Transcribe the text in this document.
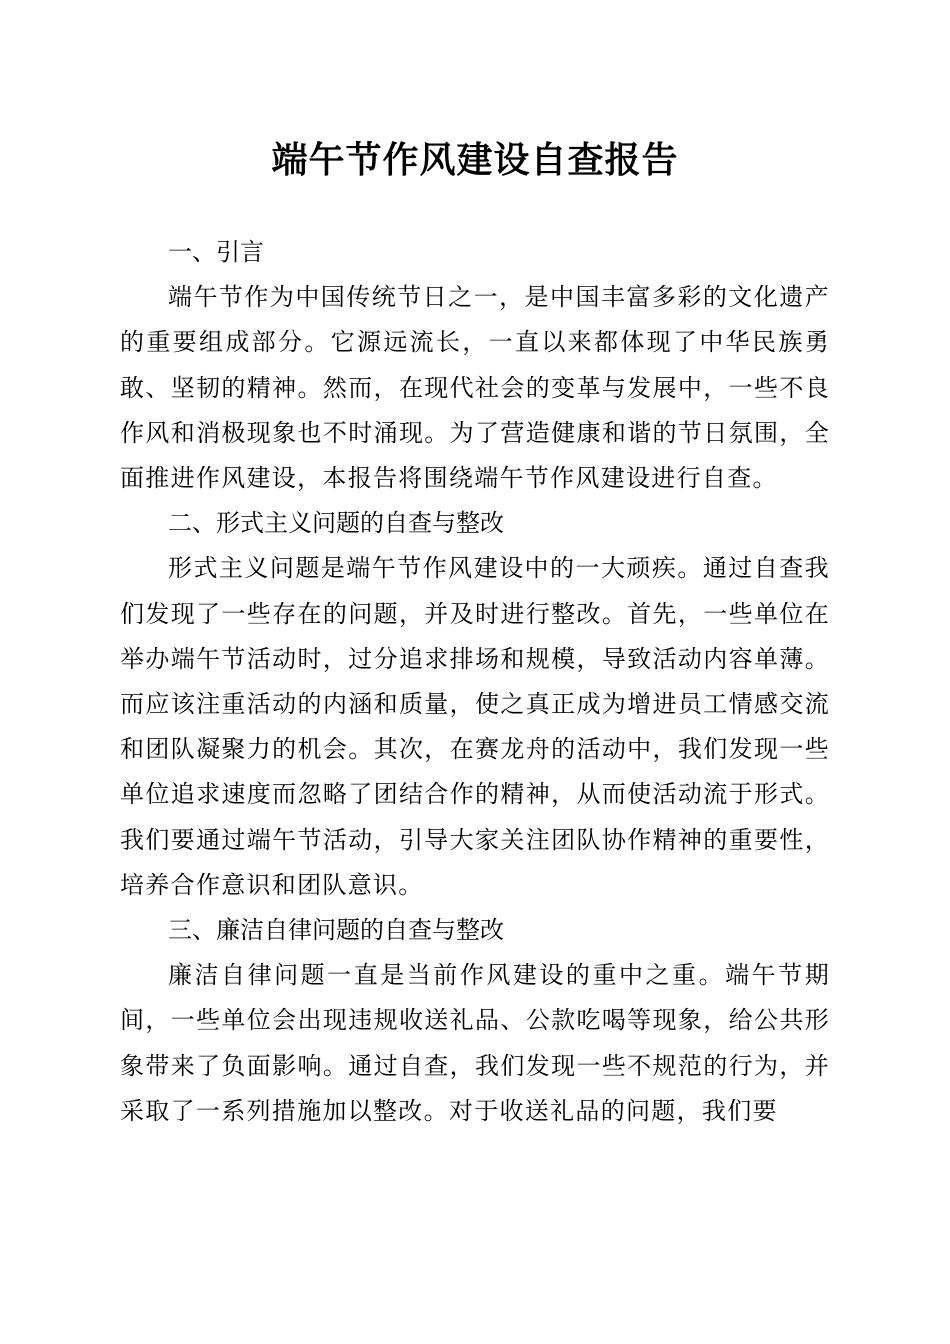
端午节作风建设自查报告
一、引言

端午节作为中国传统节日之一，是中国丰富多彩的文化遗产的重要组成部分。它源远流长，一直以来都体现了中华民族勇敢、坚韧的精神。然而，在现代社会的变革与发展中，一些不良作风和消极现象也不时涌现。为了营造健康和谐的节日氛围，全面推进作风建设，本报告将围绕端午节作风建设进行自查。

二、形式主义问题的自查与整改

形式主义问题是端午节作风建设中的一大顽疾。通过自查我们发现了一些存在的问题，并及时进行整改。首先，一些单位在举办端午节活动时，过分追求排场和规模，导致活动内容单薄。而应该注重活动的内涵和质量，使之真正成为增进员工情感交流和团队凝聚力的机会。其次，在赛龙舟的活动中，我们发现一些单位追求速度而忽略了团结合作的精神，从而使活动流于形式。我们要通过端午节活动，引导大家关注团队协作精神的重要性，培养合作意识和团队意识。

三、廉洁自律问题的自查与整改

廉洁自律问题一直是当前作风建设的重中之重。端午节期间，一些单位会出现违规收送礼品、公款吃喝等现象，给公共形象带来了负面影响。通过自查，我们发现一些不规范的行为，并采取了一系列措施加以整改。对于收送礼品的问题，我们要
